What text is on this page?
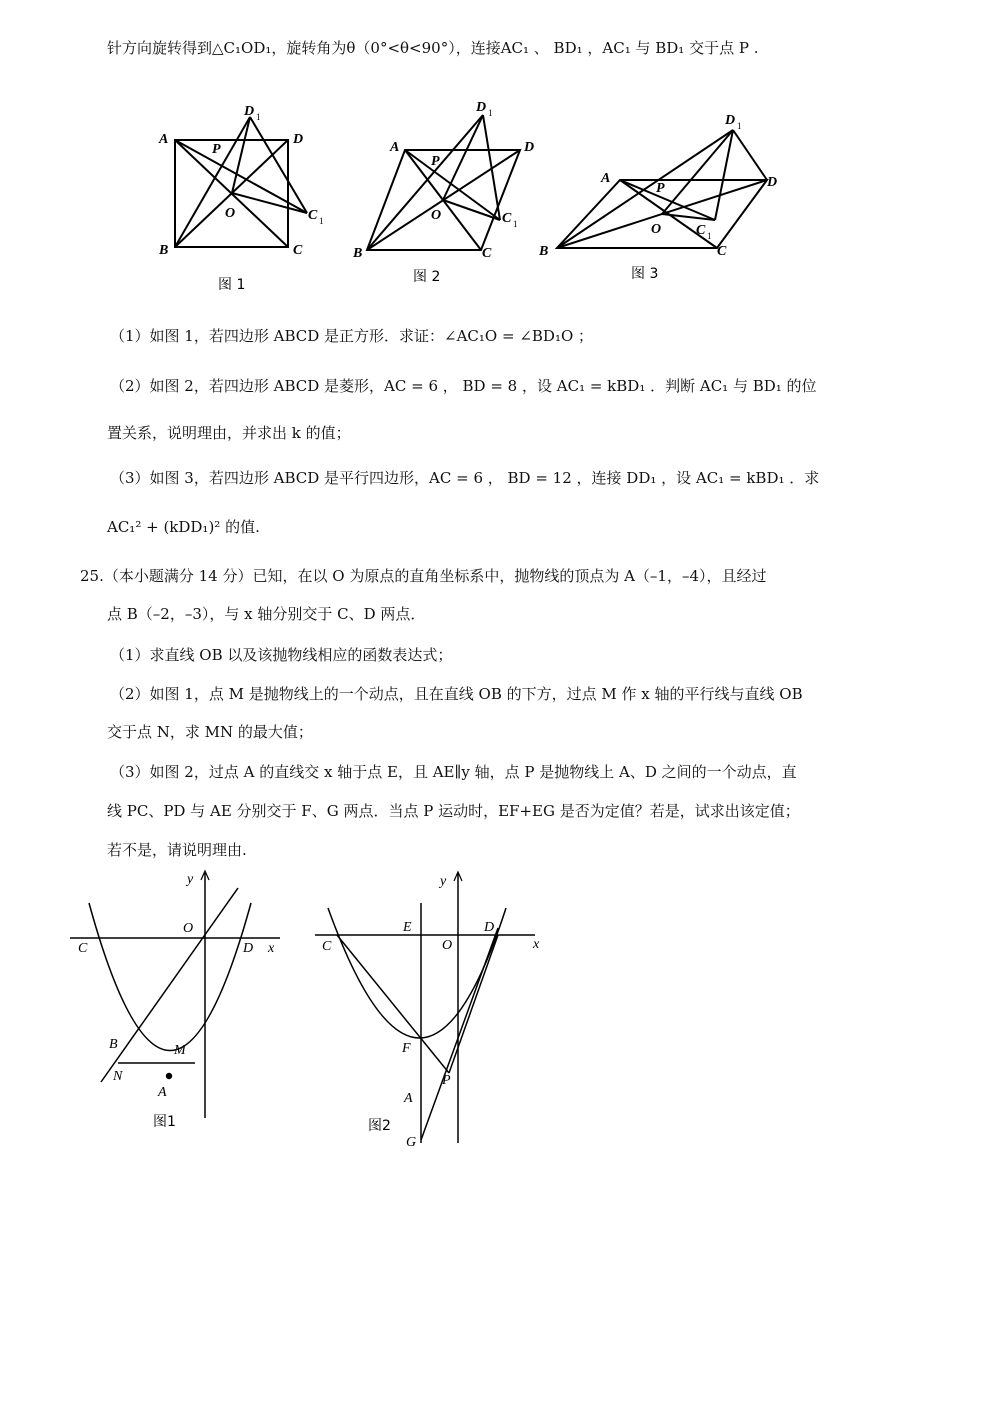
针方向旋转得到△C₁OD₁，旋转角为θ（0°<θ<90°），连接AC₁ 、 BD₁ ，AC₁ 与 BD₁ 交于点 P .
A
B	C
D
O
P
D 1
C 1
图 1
A
B	C
D
O
P
D 1
C 1
图 2
A
B	C
D
O
P
D 1
C 1
图 3
（1）如图 1，若四边形 ABCD 是正方形．求证：∠AC₁O = ∠BD₁O ；
（2）如图 2，若四边形 ABCD 是菱形，AC = 6 ， BD = 8 ，设 AC₁ = kBD₁ ．判断 AC₁ 与 BD₁ 的位
置关系，说明理由，并求出 k 的值；
（3）如图 3，若四边形 ABCD 是平行四边形，AC = 6 ， BD = 12 ，连接 DD₁ ，设 AC₁ = kBD₁ ．求
AC₁² + (kDD₁)² 的值.
25.（本小题满分 14 分）已知，在以 O 为原点的直角坐标系中，抛物线的顶点为 A（–1，–4），且经过
点 B（–2，–3），与 x 轴分别交于 C、D 两点．
（1）求直线 OB 以及该抛物线相应的函数表达式；
（2）如图 1，点 M 是抛物线上的一个动点，且在直线 OB 的下方，过点 M 作 x 轴的平行线与直线 OB
交于点 N，求 MN 的最大值；
（3）如图 2，过点 A 的直线交 x 轴于点 E，且 AE∥y 轴，点 P 是抛物线上 A、D 之间的一个动点，直
线 PC、PD 与 AE 分别交于 F、G 两点．当点 P 运动时，EF+EG 是否为定值？若是，试求出该定值；
若不是，请说明理由.
y
x
O
C	D
B	M
N
A
图1
y
x
O
C
D
E
F
P
A
G
图2
